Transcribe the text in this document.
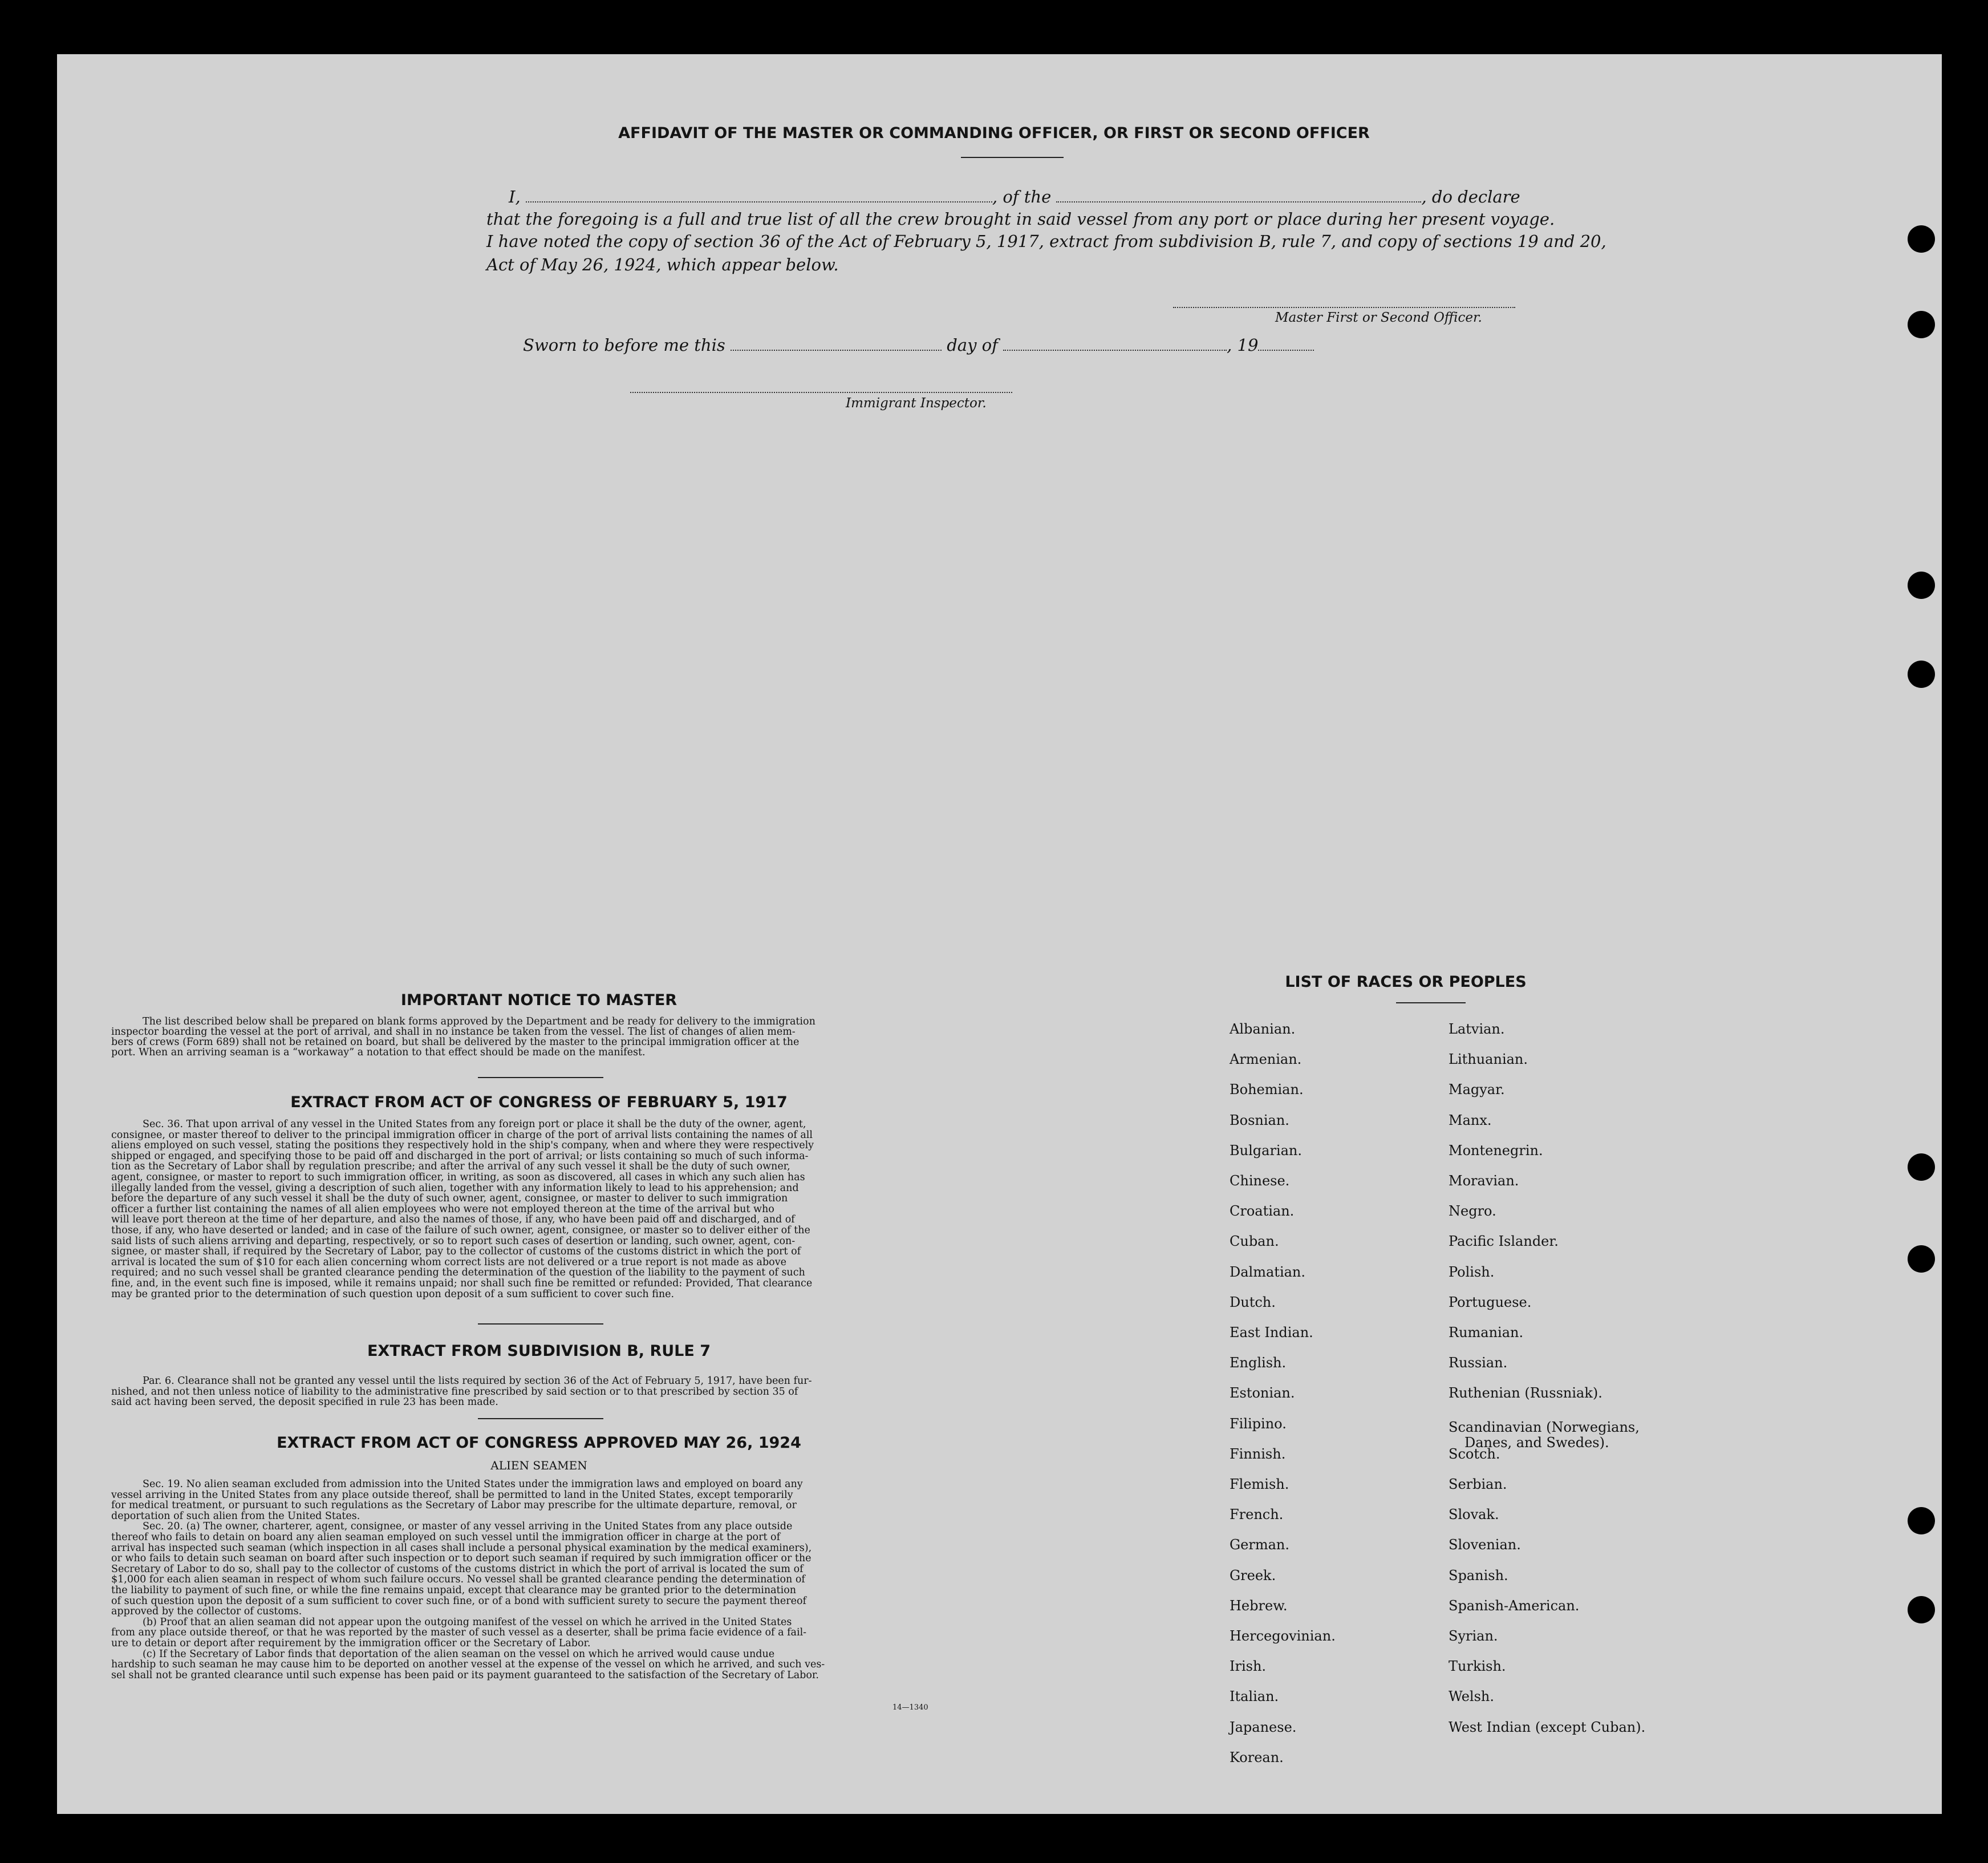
AFFIDAVIT OF THE MASTER OR COMMANDING OFFICER, OR FIRST OR SECOND OFFICER
I,	, of the	, do declare
that the foregoing is a full and true list of all the crew brought in said vessel from any port or place during her present voyage.
I have noted the copy of section 36 of the Act of February 5, 1917, extract from subdivision B, rule 7, and copy of sections 19 and 20,
Act of May 26, 1924, which appear below.
Master First or Second Officer.
Sworn to before me this	day of	, 19
Immigrant Inspector.
IMPORTANT NOTICE TO MASTER
The list described below shall be prepared on blank forms approved by the Department and be ready for delivery to the immigration
inspector boarding the vessel at the port of arrival, and shall in no instance be taken from the vessel. The list of changes of alien mem-
bers of crews (Form 689) shall not be retained on board, but shall be delivered by the master to the principal immigration officer at the
port. When an arriving seaman is a “workaway” a notation to that effect should be made on the manifest.
EXTRACT FROM ACT OF CONGRESS OF FEBRUARY 5, 1917
Sec. 36. That upon arrival of any vessel in the United States from any foreign port or place it shall be the duty of the owner, agent,
consignee, or master thereof to deliver to the principal immigration officer in charge of the port of arrival lists containing the names of all
aliens employed on such vessel, stating the positions they respectively hold in the ship's company, when and where they were respectively
shipped or engaged, and specifying those to be paid off and discharged in the port of arrival; or lists containing so much of such informa-
tion as the Secretary of Labor shall by regulation prescribe; and after the arrival of any such vessel it shall be the duty of such owner,
agent, consignee, or master to report to such immigration officer, in writing, as soon as discovered, all cases in which any such alien has
illegally landed from the vessel, giving a description of such alien, together with any information likely to lead to his apprehension; and
before the departure of any such vessel it shall be the duty of such owner, agent, consignee, or master to deliver to such immigration
officer a further list containing the names of all alien employees who were not employed thereon at the time of the arrival but who
will leave port thereon at the time of her departure, and also the names of those, if any, who have been paid off and discharged, and of
those, if any, who have deserted or landed; and in case of the failure of such owner, agent, consignee, or master so to deliver either of the
said lists of such aliens arriving and departing, respectively, or so to report such cases of desertion or landing, such owner, agent, con-
signee, or master shall, if required by the Secretary of Labor, pay to the collector of customs of the customs district in which the port of
arrival is located the sum of $10 for each alien concerning whom correct lists are not delivered or a true report is not made as above
required; and no such vessel shall be granted clearance pending the determination of the question of the liability to the payment of such
fine, and, in the event such fine is imposed, while it remains unpaid; nor shall such fine be remitted or refunded: Provided, That clearance
may be granted prior to the determination of such question upon deposit of a sum sufficient to cover such fine.
EXTRACT FROM SUBDIVISION B, RULE 7
Par. 6. Clearance shall not be granted any vessel until the lists required by section 36 of the Act of February 5, 1917, have been fur-
nished, and not then unless notice of liability to the administrative fine prescribed by said section or to that prescribed by section 35 of
said act having been served, the deposit specified in rule 23 has been made.
EXTRACT FROM ACT OF CONGRESS APPROVED MAY 26, 1924
ALIEN SEAMEN
Sec. 19. No alien seaman excluded from admission into the United States under the immigration laws and employed on board any
vessel arriving in the United States from any place outside thereof, shall be permitted to land in the United States, except temporarily
for medical treatment, or pursuant to such regulations as the Secretary of Labor may prescribe for the ultimate departure, removal, or
deportation of such alien from the United States.
Sec. 20. (a) The owner, charterer, agent, consignee, or master of any vessel arriving in the United States from any place outside
thereof who fails to detain on board any alien seaman employed on such vessel until the immigration officer in charge at the port of
arrival has inspected such seaman (which inspection in all cases shall include a personal physical examination by the medical examiners),
or who fails to detain such seaman on board after such inspection or to deport such seaman if required by such immigration officer or the
Secretary of Labor to do so, shall pay to the collector of customs of the customs district in which the port of arrival is located the sum of
$1,000 for each alien seaman in respect of whom such failure occurs. No vessel shall be granted clearance pending the determination of
the liability to payment of such fine, or while the fine remains unpaid, except that clearance may be granted prior to the determination
of such question upon the deposit of a sum sufficient to cover such fine, or of a bond with sufficient surety to secure the payment thereof
approved by the collector of customs.
(b) Proof that an alien seaman did not appear upon the outgoing manifest of the vessel on which he arrived in the United States
from any place outside thereof, or that he was reported by the master of such vessel as a deserter, shall be prima facie evidence of a fail-
ure to detain or deport after requirement by the immigration officer or the Secretary of Labor.
(c) If the Secretary of Labor finds that deportation of the alien seaman on the vessel on which he arrived would cause undue
hardship to such seaman he may cause him to be deported on another vessel at the expense of the vessel on which he arrived, and such ves-
sel shall not be granted clearance until such expense has been paid or its payment guaranteed to the satisfaction of the Secretary of Labor.
14—1340
LIST OF RACES OR PEOPLES
Albanian.
Armenian.
Bohemian.
Bosnian.
Bulgarian.
Chinese.
Croatian.
Cuban.
Dalmatian.
Dutch.
East Indian.
English.
Estonian.
Filipino.
Finnish.
Flemish.
French.
German.
Greek.
Hebrew.
Hercegovinian.
Irish.
Italian.
Japanese.
Korean.
Latvian.
Lithuanian.
Magyar.
Manx.
Montenegrin.
Moravian.
Negro.
Pacific Islander.
Polish.
Portuguese.
Rumanian.
Russian.
Ruthenian (Russniak).
Scandinavian (Norwegians,
Danes, and Swedes).
Scotch.
Serbian.
Slovak.
Slovenian.
Spanish.
Spanish-American.
Syrian.
Turkish.
Welsh.
West Indian (except Cuban).
